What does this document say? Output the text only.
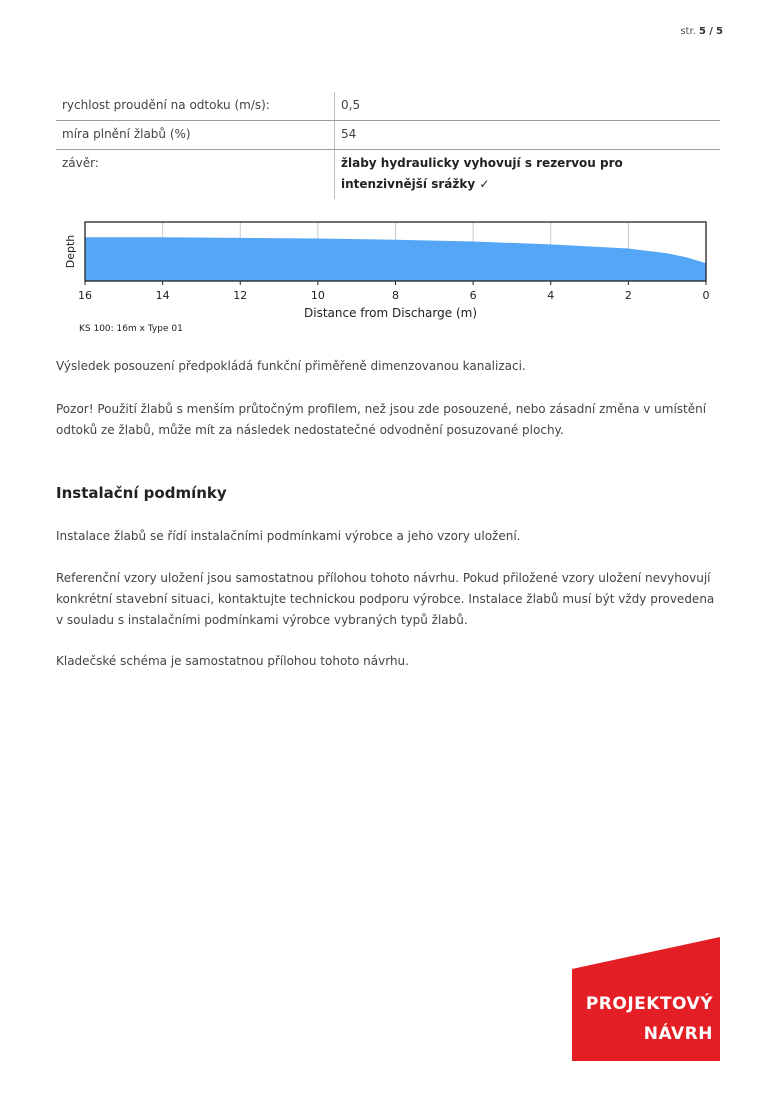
str. 5 / 5
rychlost proudění na odtoku (m/s):	0,5
míra plnění žlabů (%)	54
závěr:	žlaby hydraulicky vyhovují s rezervou pro intenzivnější srážky ✓
16	14	12	10	8	6	4	2	0
Depth
Distance from Discharge (m)
KS 100: 16m x Type 01

Výsledek posouzení předpokládá funkční přiměřeně dimenzovanou kanalizaci.

Pozor! Použití žlabů s menším průtočným profilem, než jsou zde posouzené, nebo zásadní změna v umístění odtoků ze žlabů, může mít za následek nedostatečné odvodnění posuzované plochy.

Instalační podmínky

Instalace žlabů se řídí instalačními podmínkami výrobce a jeho vzory uložení.

Referenční vzory uložení jsou samostatnou přílohou tohoto návrhu. Pokud přiložené vzory uložení nevyhovují
konkrétní stavební situaci, kontaktujte technickou podporu výrobce. Instalace žlabů musí být vždy provedena
v souladu s instalačními podmínkami výrobce vybraných typů žlabů.

Kladečské schéma je samostatnou přílohou tohoto návrhu.

PROJEKTOVÝ
NÁVRH
